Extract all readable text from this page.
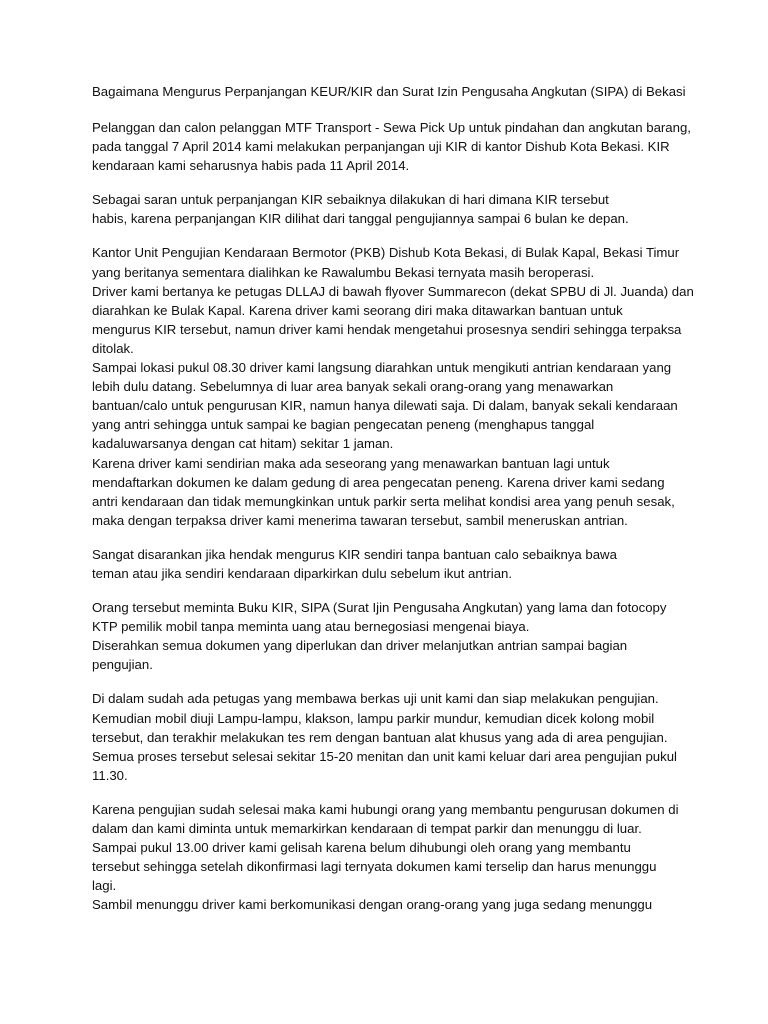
Bagaimana Mengurus Perpanjangan KEUR/KIR dan Surat Izin Pengusaha Angkutan (SIPA) di Bekasi
Pelanggan dan calon pelanggan MTF Transport - Sewa Pick Up untuk pindahan dan angkutan barang,
pada tanggal 7 April 2014 kami melakukan perpanjangan uji KIR di kantor Dishub Kota Bekasi. KIR
kendaraan kami seharusnya habis pada 11 April 2014.
Sebagai saran untuk perpanjangan KIR sebaiknya dilakukan di hari dimana KIR tersebut
habis, karena perpanjangan KIR dilihat dari tanggal pengujiannya sampai 6 bulan ke depan.
Kantor Unit Pengujian Kendaraan Bermotor (PKB) Dishub Kota Bekasi, di Bulak Kapal, Bekasi Timur
yang beritanya sementara dialihkan ke Rawalumbu Bekasi ternyata masih beroperasi.
Driver kami bertanya ke petugas DLLAJ di bawah flyover Summarecon (dekat SPBU di Jl. Juanda) dan
diarahkan ke Bulak Kapal. Karena driver kami seorang diri maka ditawarkan bantuan untuk
mengurus KIR tersebut, namun driver kami hendak mengetahui prosesnya sendiri sehingga terpaksa
ditolak.
Sampai lokasi pukul 08.30 driver kami langsung diarahkan untuk mengikuti antrian kendaraan yang
lebih dulu datang. Sebelumnya di luar area banyak sekali orang-orang yang menawarkan
bantuan/calo untuk pengurusan KIR, namun hanya dilewati saja. Di dalam, banyak sekali kendaraan
yang antri sehingga untuk sampai ke bagian pengecatan peneng (menghapus tanggal
kadaluwarsanya dengan cat hitam) sekitar 1 jaman.
Karena driver kami sendirian maka ada seseorang yang menawarkan bantuan lagi untuk
mendaftarkan dokumen ke dalam gedung di area pengecatan peneng. Karena driver kami sedang
antri kendaraan dan tidak memungkinkan untuk parkir serta melihat kondisi area yang penuh sesak,
maka dengan terpaksa driver kami menerima tawaran tersebut, sambil meneruskan antrian.
Sangat disarankan jika hendak mengurus KIR sendiri tanpa bantuan calo sebaiknya bawa
teman atau jika sendiri kendaraan diparkirkan dulu sebelum ikut antrian.
Orang tersebut meminta Buku KIR, SIPA (Surat Ijin Pengusaha Angkutan) yang lama dan fotocopy
KTP pemilik mobil tanpa meminta uang atau bernegosiasi mengenai biaya.
Diserahkan semua dokumen yang diperlukan dan driver melanjutkan antrian sampai bagian
pengujian.
Di dalam sudah ada petugas yang membawa berkas uji unit kami dan siap melakukan pengujian.
Kemudian mobil diuji Lampu-lampu, klakson, lampu parkir mundur, kemudian dicek kolong mobil
tersebut, dan terakhir melakukan tes rem dengan bantuan alat khusus yang ada di area pengujian.
Semua proses tersebut selesai sekitar 15-20 menitan dan unit kami keluar dari area pengujian pukul
11.30.
Karena pengujian sudah selesai maka kami hubungi orang yang membantu pengurusan dokumen di
dalam dan kami diminta untuk memarkirkan kendaraan di tempat parkir dan menunggu di luar.
Sampai pukul 13.00 driver kami gelisah karena belum dihubungi oleh orang yang membantu
tersebut sehingga setelah dikonfirmasi lagi ternyata dokumen kami terselip dan harus menunggu
lagi.
Sambil menunggu driver kami berkomunikasi dengan orang-orang yang juga sedang menunggu
